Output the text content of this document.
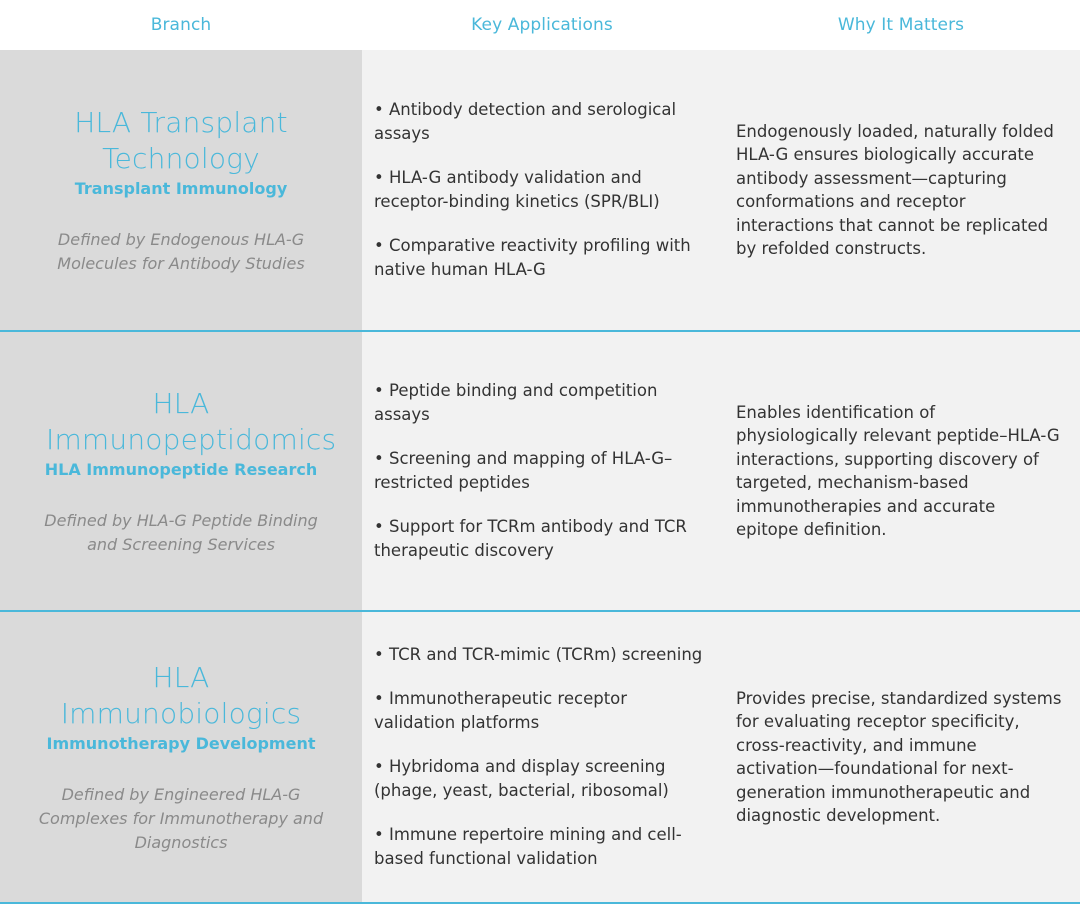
Branch	Key Applications	Why It Matters
HLA Transplant Technology
Transplant Immunology
Defined by Endogenous HLA-G Molecules for Antibody Studies
• Antibody detection and serological assays
• HLA-G antibody validation and receptor-binding kinetics (SPR/BLI)
• Comparative reactivity profiling with native human HLA-G
Endogenously loaded, naturally folded HLA-G ensures biologically accurate antibody assessment—capturing conformations and receptor interactions that cannot be replicated by refolded constructs.
HLA Immunopeptidomics
HLA Immunopeptide Research
Defined by HLA-G Peptide Binding and Screening Services
• Peptide binding and competition assays
• Screening and mapping of HLA-G–restricted peptides
• Support for TCRm antibody and TCR therapeutic discovery
Enables identification of physiologically relevant peptide–HLA-G interactions, supporting discovery of targeted, mechanism-based immunotherapies and accurate epitope definition.
HLA Immunobiologics
Immunotherapy Development
Defined by Engineered HLA-G Complexes for Immunotherapy and Diagnostics
• TCR and TCR-mimic (TCRm) screening
• Immunotherapeutic receptor validation platforms
• Hybridoma and display screening (phage, yeast, bacterial, ribosomal)
• Immune repertoire mining and cell-based functional validation
Provides precise, standardized systems for evaluating receptor specificity, cross-reactivity, and immune activation—foundational for next-generation immunotherapeutic and diagnostic development.
